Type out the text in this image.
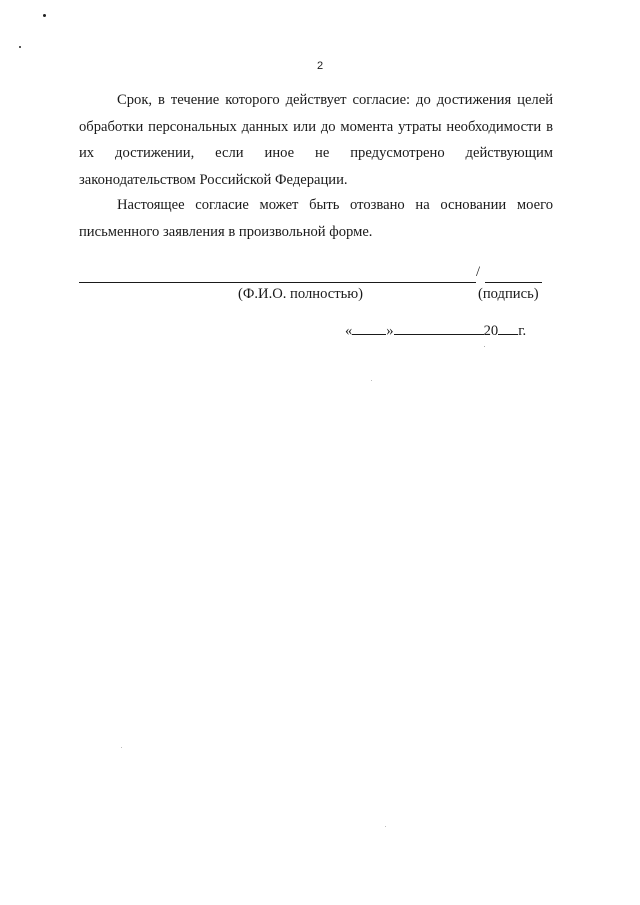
2

Срок, в течение которого действует согласие: до достижения целей обработки персональных данных или до момента утраты необходимости в их достижении, если иное не предусмотрено действующим законодательством Российской Федерации.

Настоящее согласие может быть отозвано на основании моего письменного заявления в произвольной форме.

/
(Ф.И.О. полностью)	(подпись)
« »	20 г.
